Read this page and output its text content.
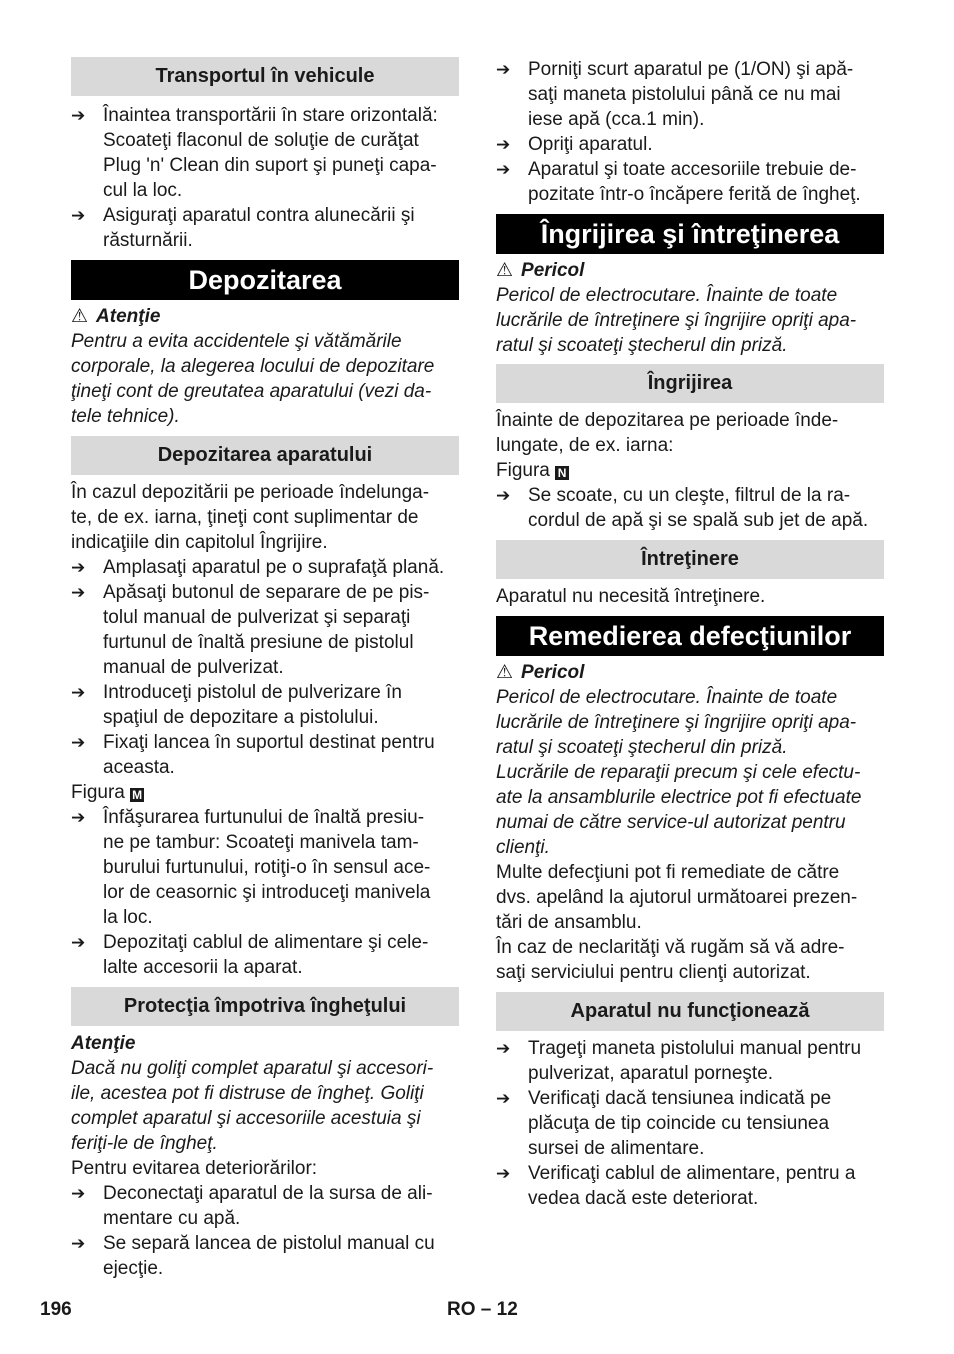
Transportul în vehicule
➔ Înaintea transportării în stare orizontală:
Scoateţi flaconul de soluţie de curăţat
Plug 'n' Clean din suport şi puneţi capa-
cul la loc.
➔ Asiguraţi aparatul contra alunecării şi
răsturnării.
Depozitarea

⚠ Atenţie

Pentru a evita accidentele şi vătămările
corporale, la alegerea locului de depozitare
ţineţi cont de greutatea aparatului (vezi da-
tele tehnice).
Depozitarea aparatului
În cazul depozitării pe perioade îndelunga-
te, de ex. iarna, ţineţi cont suplimentar de
indicaţiile din capitolul Îngrijire.
➔ Amplasaţi aparatul pe o suprafaţă plană.
➔ Apăsaţi butonul de separare de pe pis-
tolul manual de pulverizat şi separaţi
furtunul de înaltă presiune de pistolul
manual de pulverizat.
➔ Introduceţi pistolul de pulverizare în
spaţiul de depozitare a pistolului.
➔ Fixaţi lancea în suportul destinat pentru
aceasta.

Figura M

➔ Înfăşurarea furtunului de înaltă presiu-
ne pe tambur: Scoateţi manivela tam-
burului furtunului, rotiţi-o în sensul ace-
lor de ceasornic şi introduceţi manivela
la loc.
➔ Depozitaţi cablul de alimentare şi cele-
lalte accesorii la aparat.
Protecţia împotriva îngheţului

Atenţie

Dacă nu goliţi complet aparatul şi accesori-
ile, acestea pot fi distruse de îngheţ. Goliţi
complet aparatul şi accesoriile acestuia şi
feriţi-le de îngheţ.

Pentru evitarea deteriorărilor:

➔ Deconectaţi aparatul de la sursa de ali-
mentare cu apă.
➔ Se separă lancea de pistolul manual cu
ejecţie.
➔ Porniţi scurt aparatul pe (1/ON) şi apă-
saţi maneta pistolului până ce nu mai
iese apă (cca.1 min).
➔ Opriţi aparatul.
➔ Aparatul şi toate accesoriile trebuie de-
pozitate într-o încăpere ferită de îngheţ.
Îngrijirea şi întreţinerea

⚠ Pericol

Pericol de electrocutare. Înainte de toate
lucrările de întreţinere şi îngrijire opriţi apa-
ratul şi scoateţi ştecherul din priză.
Îngrijirea
Înainte de depozitarea pe perioade înde-
lungate, de ex. iarna:

Figura N

➔ Se scoate, cu un cleşte, filtrul de la ra-
cordul de apă şi se spală sub jet de apă.
Întreţinere

Aparatul nu necesită întreţinere.

Remedierea defecţiunilor

⚠ Pericol

Pericol de electrocutare. Înainte de toate
lucrările de întreţinere şi îngrijire opriţi apa-
ratul şi scoateţi ştecherul din priză.
Lucrările de reparaţii precum şi cele efectu-
ate la ansamblurile electrice pot fi efectuate
numai de către service-ul autorizat pentru
clienţi.
Multe defecţiuni pot fi remediate de către
dvs. apelând la ajutorul următoarei prezen-
tări de ansamblu.
În caz de neclarităţi vă rugăm să vă adre-
saţi serviciului pentru clienţi autorizat.
Aparatul nu funcţionează
➔ Trageţi maneta pistolului manual pentru
pulverizat, aparatul porneşte.
➔ Verificaţi dacă tensiunea indicată pe
plăcuţa de tip coincide cu tensiunea
sursei de alimentare.
➔ Verificaţi cablul de alimentare, pentru a
vedea dacă este deteriorat.
196	RO – 12
